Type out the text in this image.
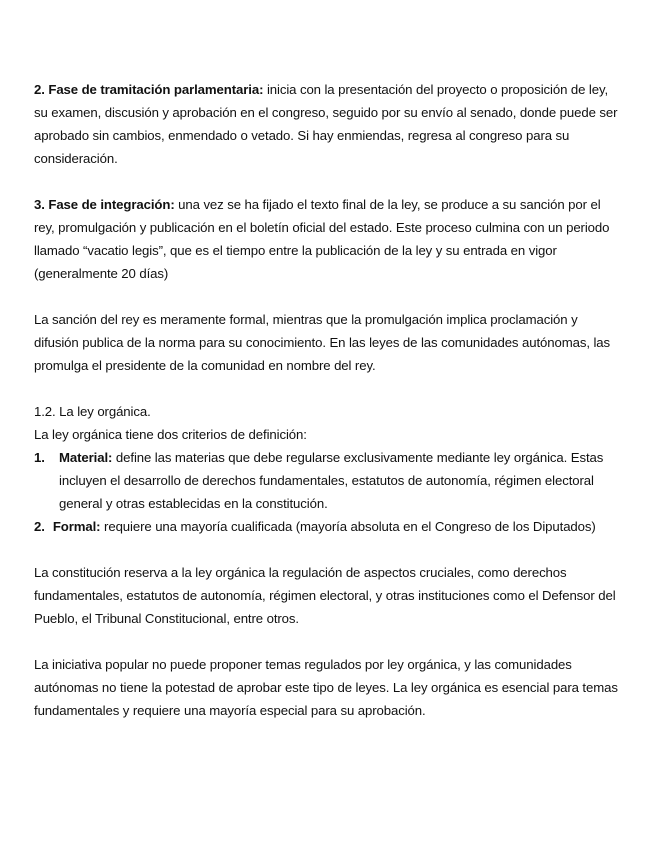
2. Fase de tramitación parlamentaria: inicia con la presentación del proyecto o proposición de ley, su examen, discusión y aprobación en el congreso, seguido por su envío al senado, donde puede ser aprobado sin cambios, enmendado o vetado. Si hay enmiendas, regresa al congreso para su consideración.

3. Fase de integración: una vez se ha fijado el texto final de la ley, se produce a su sanción por el rey, promulgación y publicación en el boletín oficial del estado. Este proceso culmina con un periodo llamado “vacatio legis”, que es el tiempo entre la publicación de la ley y su entrada en vigor (generalmente 20 días)

La sanción del rey es meramente formal, mientras que la promulgación implica proclamación y difusión publica de la norma para su conocimiento. En las leyes de las comunidades autónomas, las promulga el presidente de la comunidad en nombre del rey.

1.2. La ley orgánica.

La ley orgánica tiene dos criterios de definición:

1. Material: define las materias que debe regularse exclusivamente mediante ley orgánica. Estas incluyen el desarrollo de derechos fundamentales, estatutos de autonomía, régimen electoral general y otras establecidas en la constitución.

2. Formal: requiere una mayoría cualificada (mayoría absoluta en el Congreso de los Diputados)

La constitución reserva a la ley orgánica la regulación de aspectos cruciales, como derechos fundamentales, estatutos de autonomía, régimen electoral, y otras instituciones como el Defensor del Pueblo, el Tribunal Constitucional, entre otros.

La iniciativa popular no puede proponer temas regulados por ley orgánica, y las comunidades autónomas no tiene la potestad de aprobar este tipo de leyes. La ley orgánica es esencial para temas fundamentales y requiere una mayoría especial para su aprobación.
